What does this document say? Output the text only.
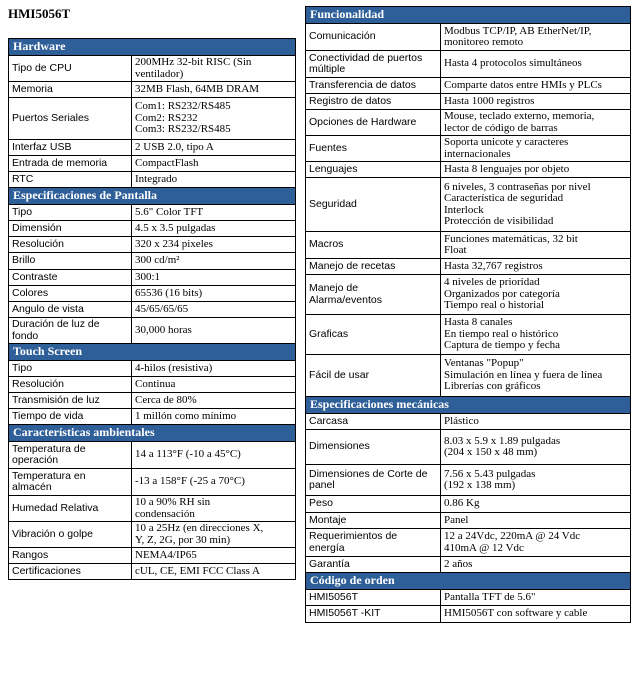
HMI5056T
Hardware	
Tipo de CPU	200MHz 32-bit RISC (Sin
ventilador)
Memoria	32MB Flash, 64MB DRAM
Puertos Seriales	Com1: RS232/RS485
Com2: RS232
Com3: RS232/RS485
Interfaz USB	2 USB 2.0, tipo A
Entrada de memoria	CompactFlash
RTC	Integrado
Especificaciones de Pantalla	
Tipo	5.6" Color TFT
Dimensión	4.5 x 3.5 pulgadas
Resolución	320 x 234 pixeles
Brillo	300 cd/m²
Contraste	300:1
Colores	65536 (16 bits)
Angulo de vista	45/65/65/65
Duración de luz de
fondo	30,000 horas
Touch Screen	
Tipo	4-hilos (resistiva)
Resolución	Continua
Transmisión de luz	Cerca de 80%
Tiempo de vida	1 millón como mínimo
Características ambientales	
Temperatura de
operación	14 a 113°F (-10 a 45°C)
Temperatura en
almacén	-13 a 158°F (-25 a 70°C)
Humedad Relativa	10 a 90% RH sin
condensación
Vibración o golpe	10 a 25Hz (en direcciones X,
Y, Z, 2G, por 30 min)
Rangos	NEMA4/IP65
Certificaciones	cUL, CE, EMI FCC Class A
Funcionalidad	
Comunicación	Modbus TCP/IP, AB EtherNet/IP,
monitoreo remoto
Conectividad de puertos
múltiple	Hasta 4 protocolos simultáneos
Transferencia de datos	Comparte datos entre HMIs y PLCs
Registro de datos	Hasta 1000 registros
Opciones de Hardware	Mouse, teclado externo, memoria,
lector de código de barras
Fuentes	Soporta unicote y caracteres
internacionales
Lenguajes	Hasta 8 lenguajes por objeto
Seguridad	6 niveles, 3 contraseñas por nivel
Característica de seguridad
Interlock
Protección de visibilidad
Macros	Funciones matemáticas, 32 bit
Float
Manejo de recetas	Hasta 32,767 registros
Manejo de
Alarma/eventos	4 niveles de prioridad
Organizados por categoría
Tiempo real o historial
Graficas	Hasta 8 canales
En tiempo real o histórico
Captura de tiempo y fecha
Fácil de usar	Ventanas "Popup"
Simulación en línea y fuera de línea
Librerías con gráficos
Especificaciones mecánicas	
Carcasa	Plástico
Dimensiones	8.03 x 5.9 x 1.89 pulgadas
(204 x 150 x 48 mm)
Dimensiones de Corte de
panel	7.56 x 5.43 pulgadas
(192 x 138 mm)
Peso	0.86 Kg
Montaje	Panel
Requerimientos de
energía	12 a 24Vdc, 220mA @ 24 Vdc
410mA @ 12 Vdc
Garantía	2 años
Código de orden	
HMI5056T	Pantalla TFT de 5.6"
HMI5056T -KIT	HMI5056T con software y cable
